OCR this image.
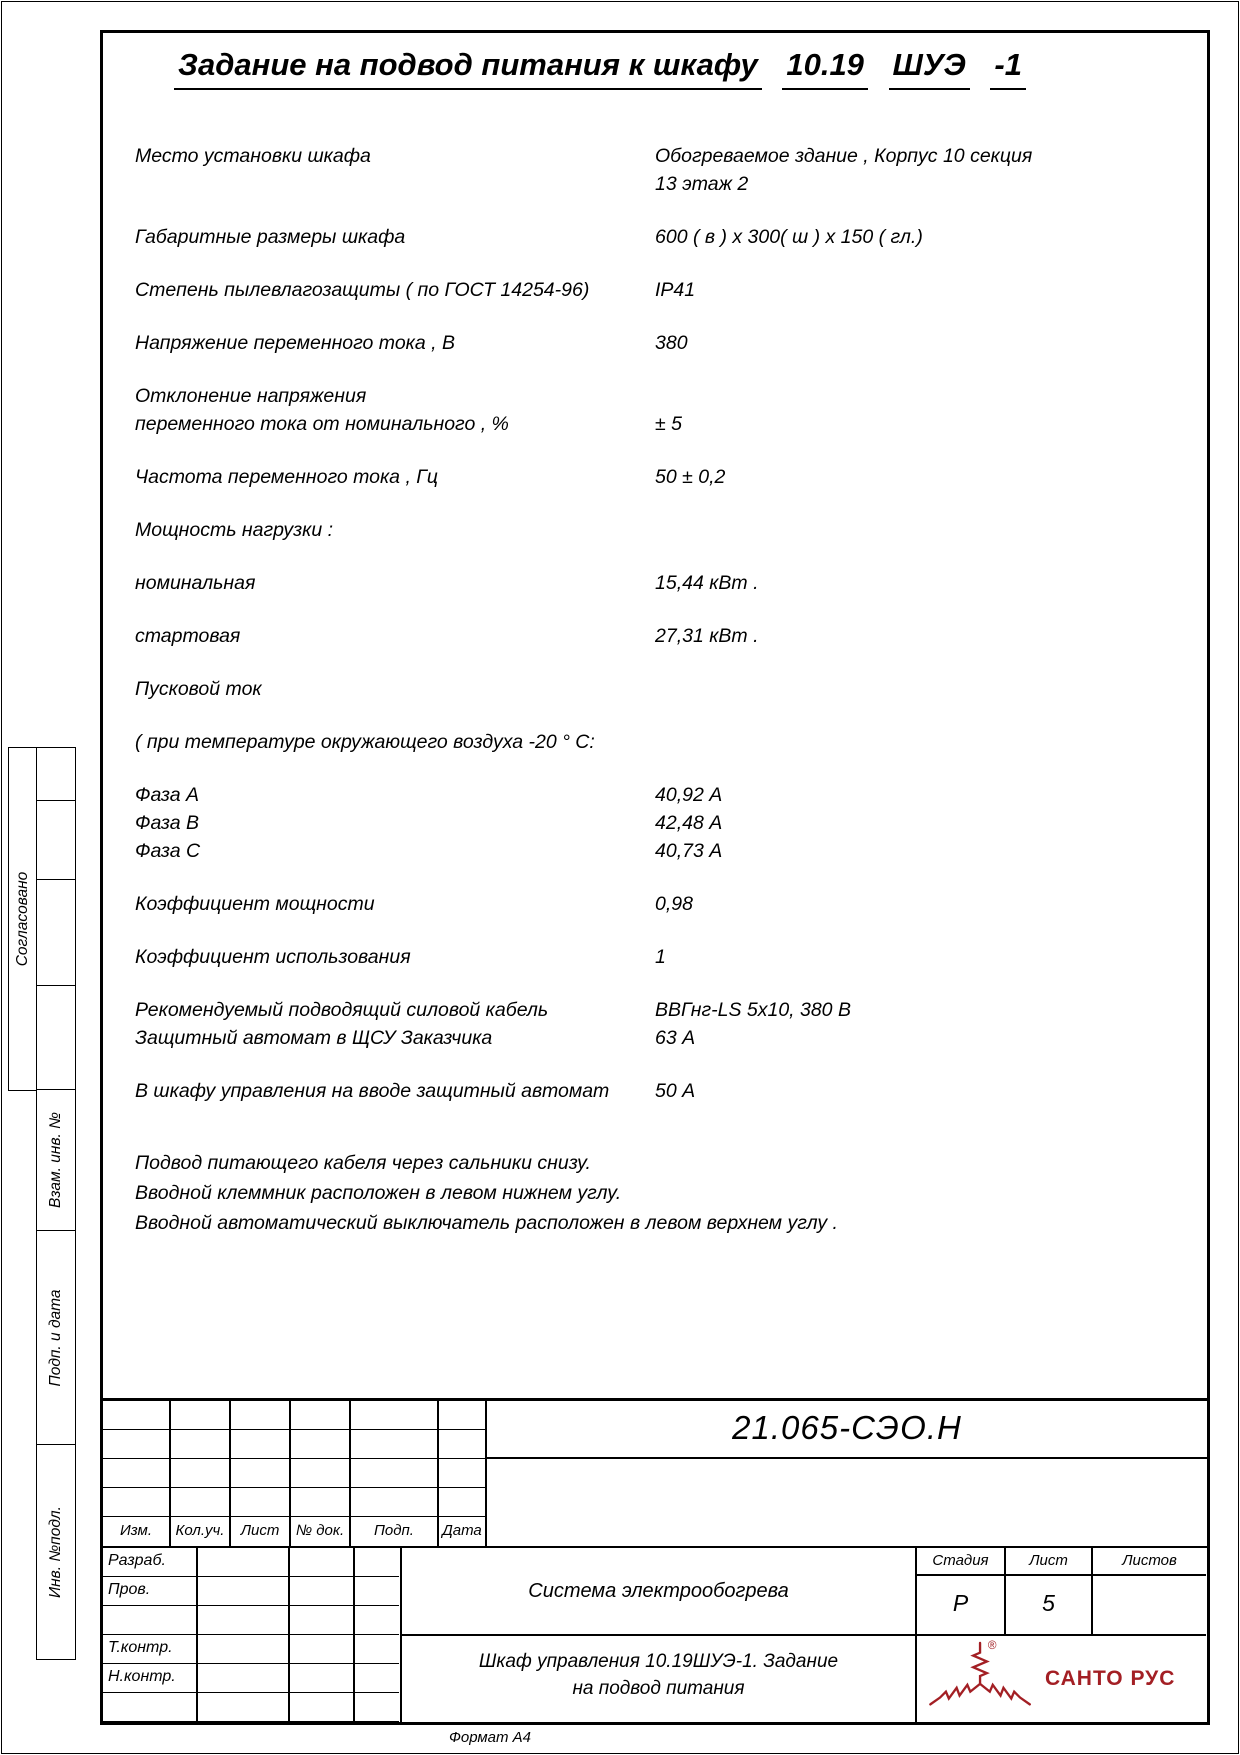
Согласовано
Взам. инв. №
Подп. и дата
Инв. №подл.
Задание на подвод питания к шкафу 10.19 ШУЭ -1
Место установки шкафа	Обогреваемое здание , Корпус 10 секция
13 этаж 2
Габаритные размеры шкафа	600 ( в ) х 300( ш ) х 150 ( гл.)
Степень пылевлагозащиты ( по ГОСТ 14254-96)	IP41
Напряжение переменного тока , В	380
Отклонение напряжения
переменного тока от номинального , %	± 5
Частота переменного тока , Гц	50 ± 0,2
Мощность нагрузки :
номинальная	15,44 кВт .
стартовая	27,31 кВт .
Пусковой ток
( при температуре окружающего воздуха -20 ° С:
Фаза А	40,92 А
Фаза В	42,48 А
Фаза С	40,73 А
Коэффициент мощности	0,98
Коэффициент использования	1
Рекомендуемый подводящий силовой кабель	ВВГнг-LS 5х10, 380 В
Защитный автомат в ЩСУ Заказчика	63 А
В шкафу управления на вводе защитный автомат	50 А
Подвод питающего кабеля через сальники снизу.
Вводной клеммник расположен в левом нижнем углу.
Вводной автоматический выключатель расположен в левом верхнем углу .
Изм.	Кол.уч.	Лист	№ док.	Подп.	Дата
21.065-СЭО.Н
Разраб.
Пров.
Т.контр.
Н.контр.
Система электрообогрева
Шкаф управления 10.19ШУЭ-1. Задание
на подвод питания
Стадия	Лист	Листов
Р	5
®
САНТО РУС
Формат А4
